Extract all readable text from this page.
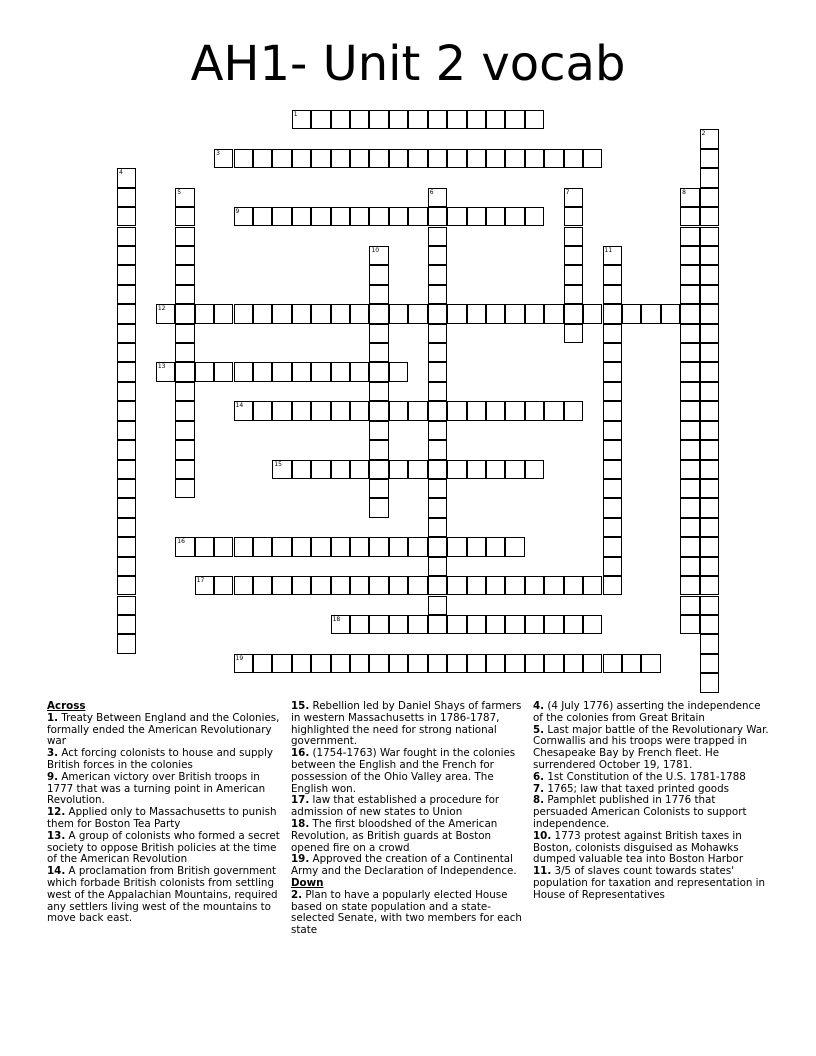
AH1- Unit 2 vocab
1
2
3
4
5	6	7	8
9
10	11
12
13
14
15
16
17
18
19
Across
1. Treaty Between England and the Colonies, formally ended the American Revolutionary war
3. Act forcing colonists to house and supply British forces in the colonies
9. American victory over British troops in 1777 that was a turning point in American Revolution.
12. Applied only to Massachusetts to punish them for Boston Tea Party
13. A group of colonists who formed a secret society to oppose British policies at the time of the American Revolution
14. A proclamation from British government which forbade British colonists from settling west of the Appalachian Mountains, required any settlers living west of the mountains to move back east.
15. Rebellion led by Daniel Shays of farmers in western Massachusetts in 1786-1787, highlighted the need for strong national government.
16. (1754-1763) War fought in the colonies between the English and the French for possession of the Ohio Valley area. The English won.
17. law that established a procedure for admission of new states to Union
18. The first bloodshed of the American Revolution, as British guards at Boston opened fire on a crowd
19. Approved the creation of a Continental Army and the Declaration of Independence.
Down
2. Plan to have a popularly elected House based on state population and a state-selected Senate, with two members for each state
4. (4 July 1776) asserting the independence of the colonies from Great Britain
5. Last major battle of the Revolutionary War. Cornwallis and his troops were trapped in Chesapeake Bay by French fleet. He surrendered October 19, 1781.
6. 1st Constitution of the U.S. 1781-1788
7. 1765; law that taxed printed goods
8. Pamphlet published in 1776 that persuaded American Colonists to support independence.
10. 1773 protest against British taxes in Boston, colonists disguised as Mohawks dumped valuable tea into Boston Harbor
11. 3/5 of slaves count towards states' population for taxation and representation in House of Representatives
